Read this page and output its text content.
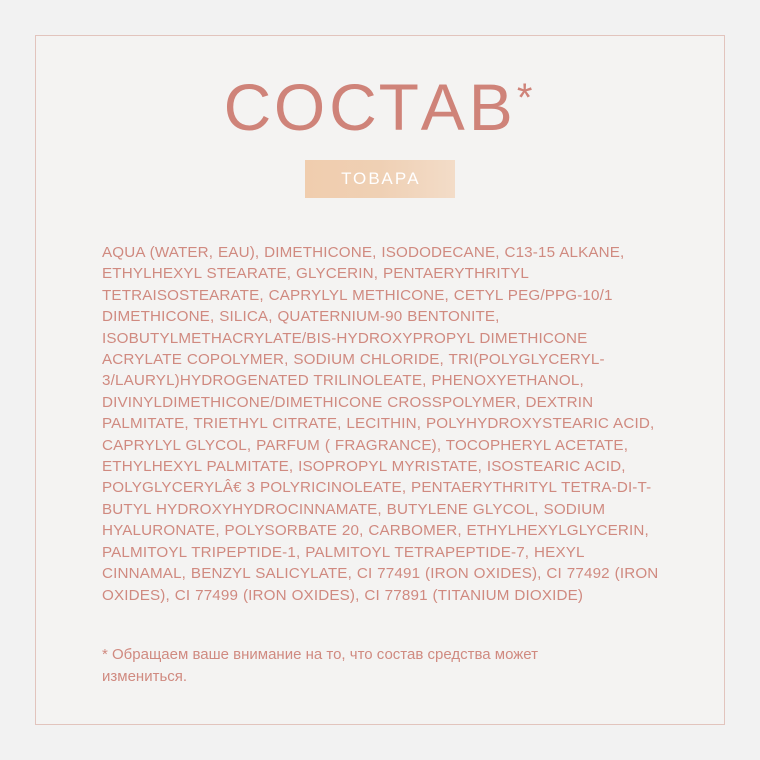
СОСТАВ*
ТОВАРА
AQUA (WATER, EAU), DIMETHICONE, ISODODECANE, C13-15 ALKANE, ETHYLHEXYL STEARATE, GLYCERIN, PENTAERYTHRITYL TETRAISOSTEARATE, CAPRYLYL METHICONE, CETYL PEG/PPG-10/1 DIMETHICONE, SILICA, QUATERNIUM-90 BENTONITE, ISOBUTYLMETHACRYLATE/BIS-HYDROXYPROPYL DIMETHICONE ACRYLATE COPOLYMER, SODIUM CHLORIDE, TRI(POLYGLYCERYL-3/LAURYL)HYDROGENATED TRILINOLEATE, PHENOXYETHANOL, DIVINYLDIMETHICONE/DIMETHICONE CROSSPOLYMER, DEXTRIN PALMITATE, TRIETHYL CITRATE, LECITHIN, POLYHYDROXYSTEARIC ACID, CAPRYLYL GLYCOL, PARFUM ( FRAGRANCE), TOCOPHERYL ACETATE, ETHYLHEXYL PALMITATE, ISOPROPYL MYRISTATE, ISOSTEARIC ACID, POLYGLYCERYLÂ€ 3 POLYRICINOLEATE, PENTAERYTHRITYL TETRA-DI-T-BUTYL HYDROXYHYDROCINNAMATE, BUTYLENE GLYCOL, SODIUM HYALURONATE, POLYSORBATE 20, CARBOMER, ETHYLHEXYLGLYCERIN, PALMITOYL TRIPEPTIDE-1, PALMITOYL TETRAPEPTIDE-7, HEXYL CINNAMAL, BENZYL SALICYLATE, CI 77491 (IRON OXIDES), CI 77492 (IRON OXIDES), CI 77499 (IRON OXIDES), CI 77891 (TITANIUM DIOXIDE)
* Обращаем ваше внимание на то, что состав средства может измениться.
